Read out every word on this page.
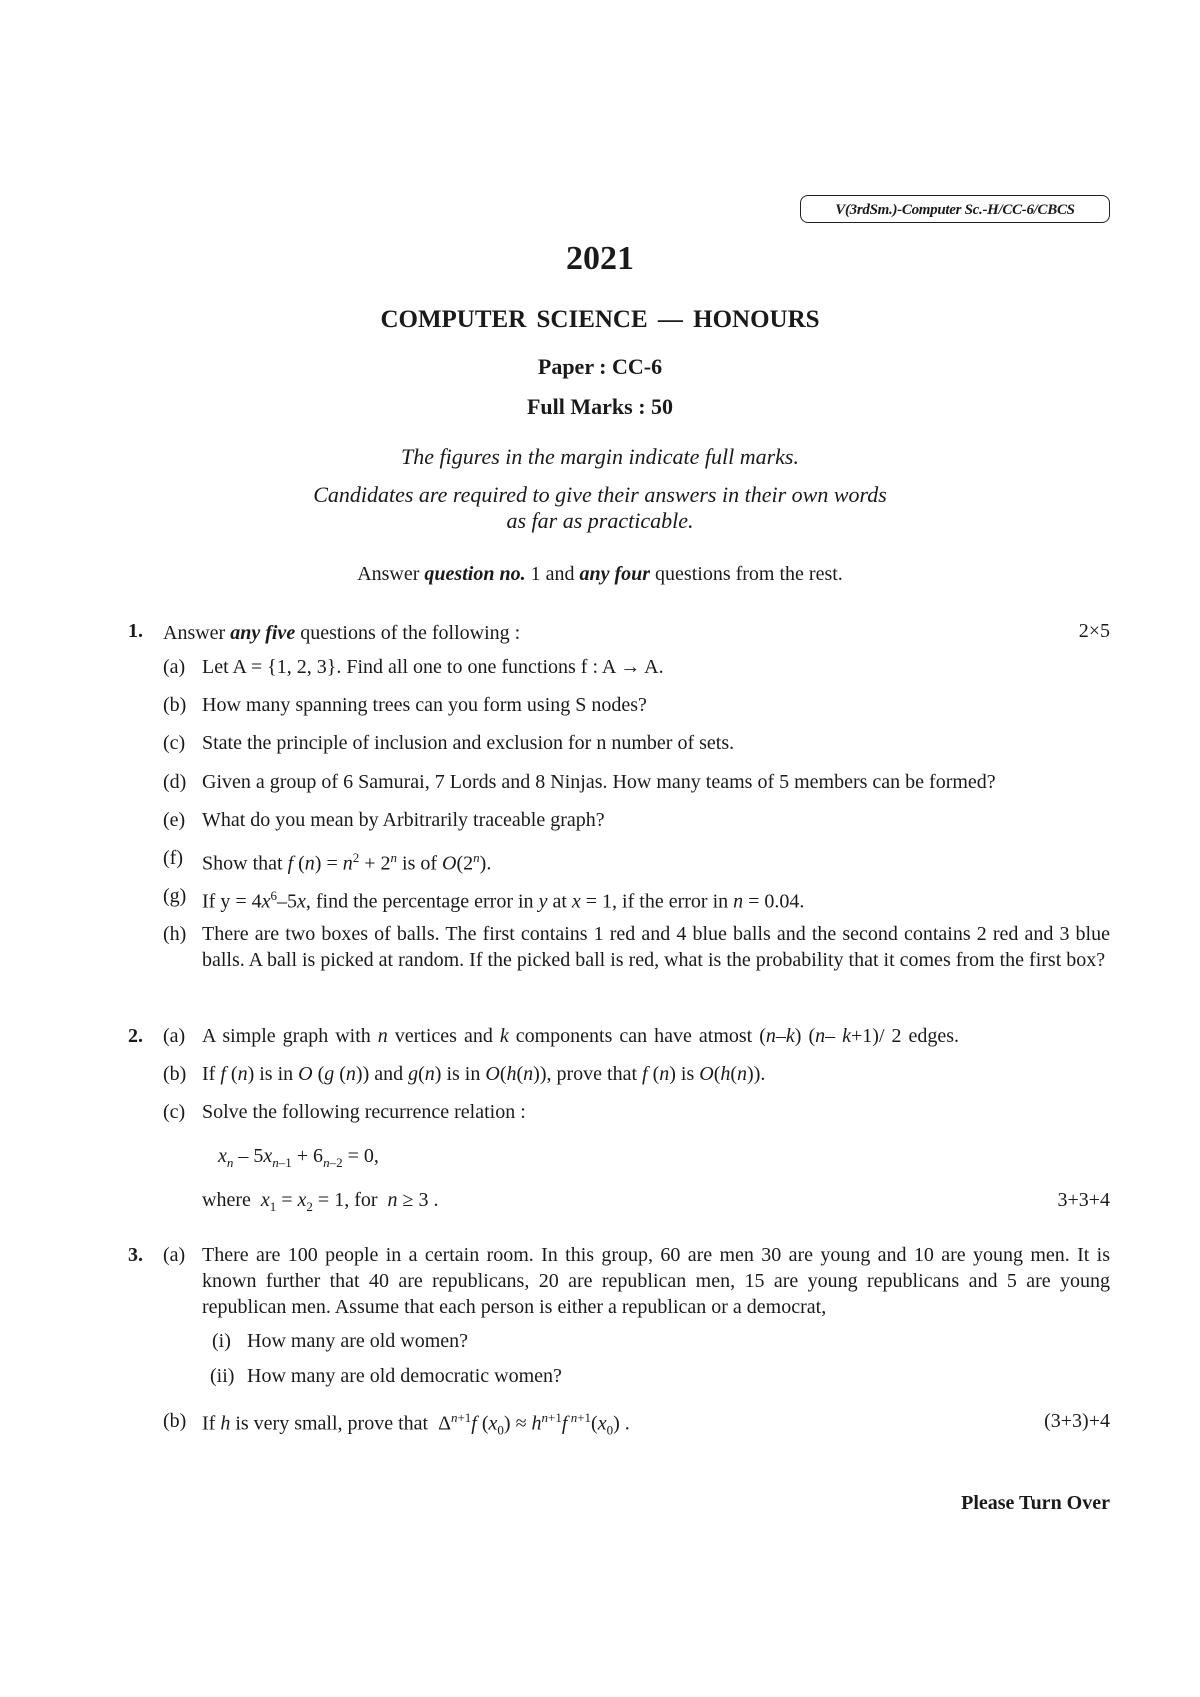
V(3rdSm.)-Computer Sc.-H/CC-6/CBCS
2021
COMPUTER SCIENCE — HONOURS
Paper : CC-6
Full Marks : 50
The figures in the margin indicate full marks.
Candidates are required to give their answers in their own words
as far as practicable.
Answer question no. 1 and any four questions from the rest.
1. Answer any five questions of the following :	2×5
(a) Let A = {1, 2, 3}. Find all one to one functions f : A → A.
(b) How many spanning trees can you form using S nodes?
(c) State the principle of inclusion and exclusion for n number of sets.
(d) Given a group of 6 Samurai, 7 Lords and 8 Ninjas. How many teams of 5 members can be formed?
(e) What do you mean by Arbitrarily traceable graph?
(f) Show that f $(n) = n^2 + 2^n$ is of O(2$^n$).
(g) If $y = 4x^6-5x$, find the percentage error in y at x = 1, if the error in n = 0.04.
(h) There are two boxes of balls. The first contains 1 red and 4 blue balls and the second contains 2 red and 3 blue balls. A ball is picked at random. If the picked ball is red, what is the probability that it comes from the first box?
2. (a) A simple graph with n vertices and k components can have atmost (n–k) (n– k+1)/ 2 edges.
(b) If f (n) is in O (g (n)) and g(n) is in O(h(n)), prove that f (n) is O(h(n)).
(c) Solve the following recurrence relation :
$x_n - 5x_{n-1} + 6_{n-2} = 0$,
where  $x_1 = x_2 = 1$, for  n ≥ 3 .	3+3+4
3. (a) There are 100 people in a certain room. In this group, 60 are men 30 are young and 10 are young men. It is known further that 40 are republicans, 20 are republican men, 15 are young republicans and 5 are young republican men. Assume that each person is either a republican or a democrat,
(i) How many are old women?
(ii) How many are old democratic women?
(b) If h is very small, prove that  $\Delta^{n+1}f$ $(x_0) \approx h^{n+1}f$ $^{n+1}(x_0)$ .	(3+3)+4
Please Turn Over
